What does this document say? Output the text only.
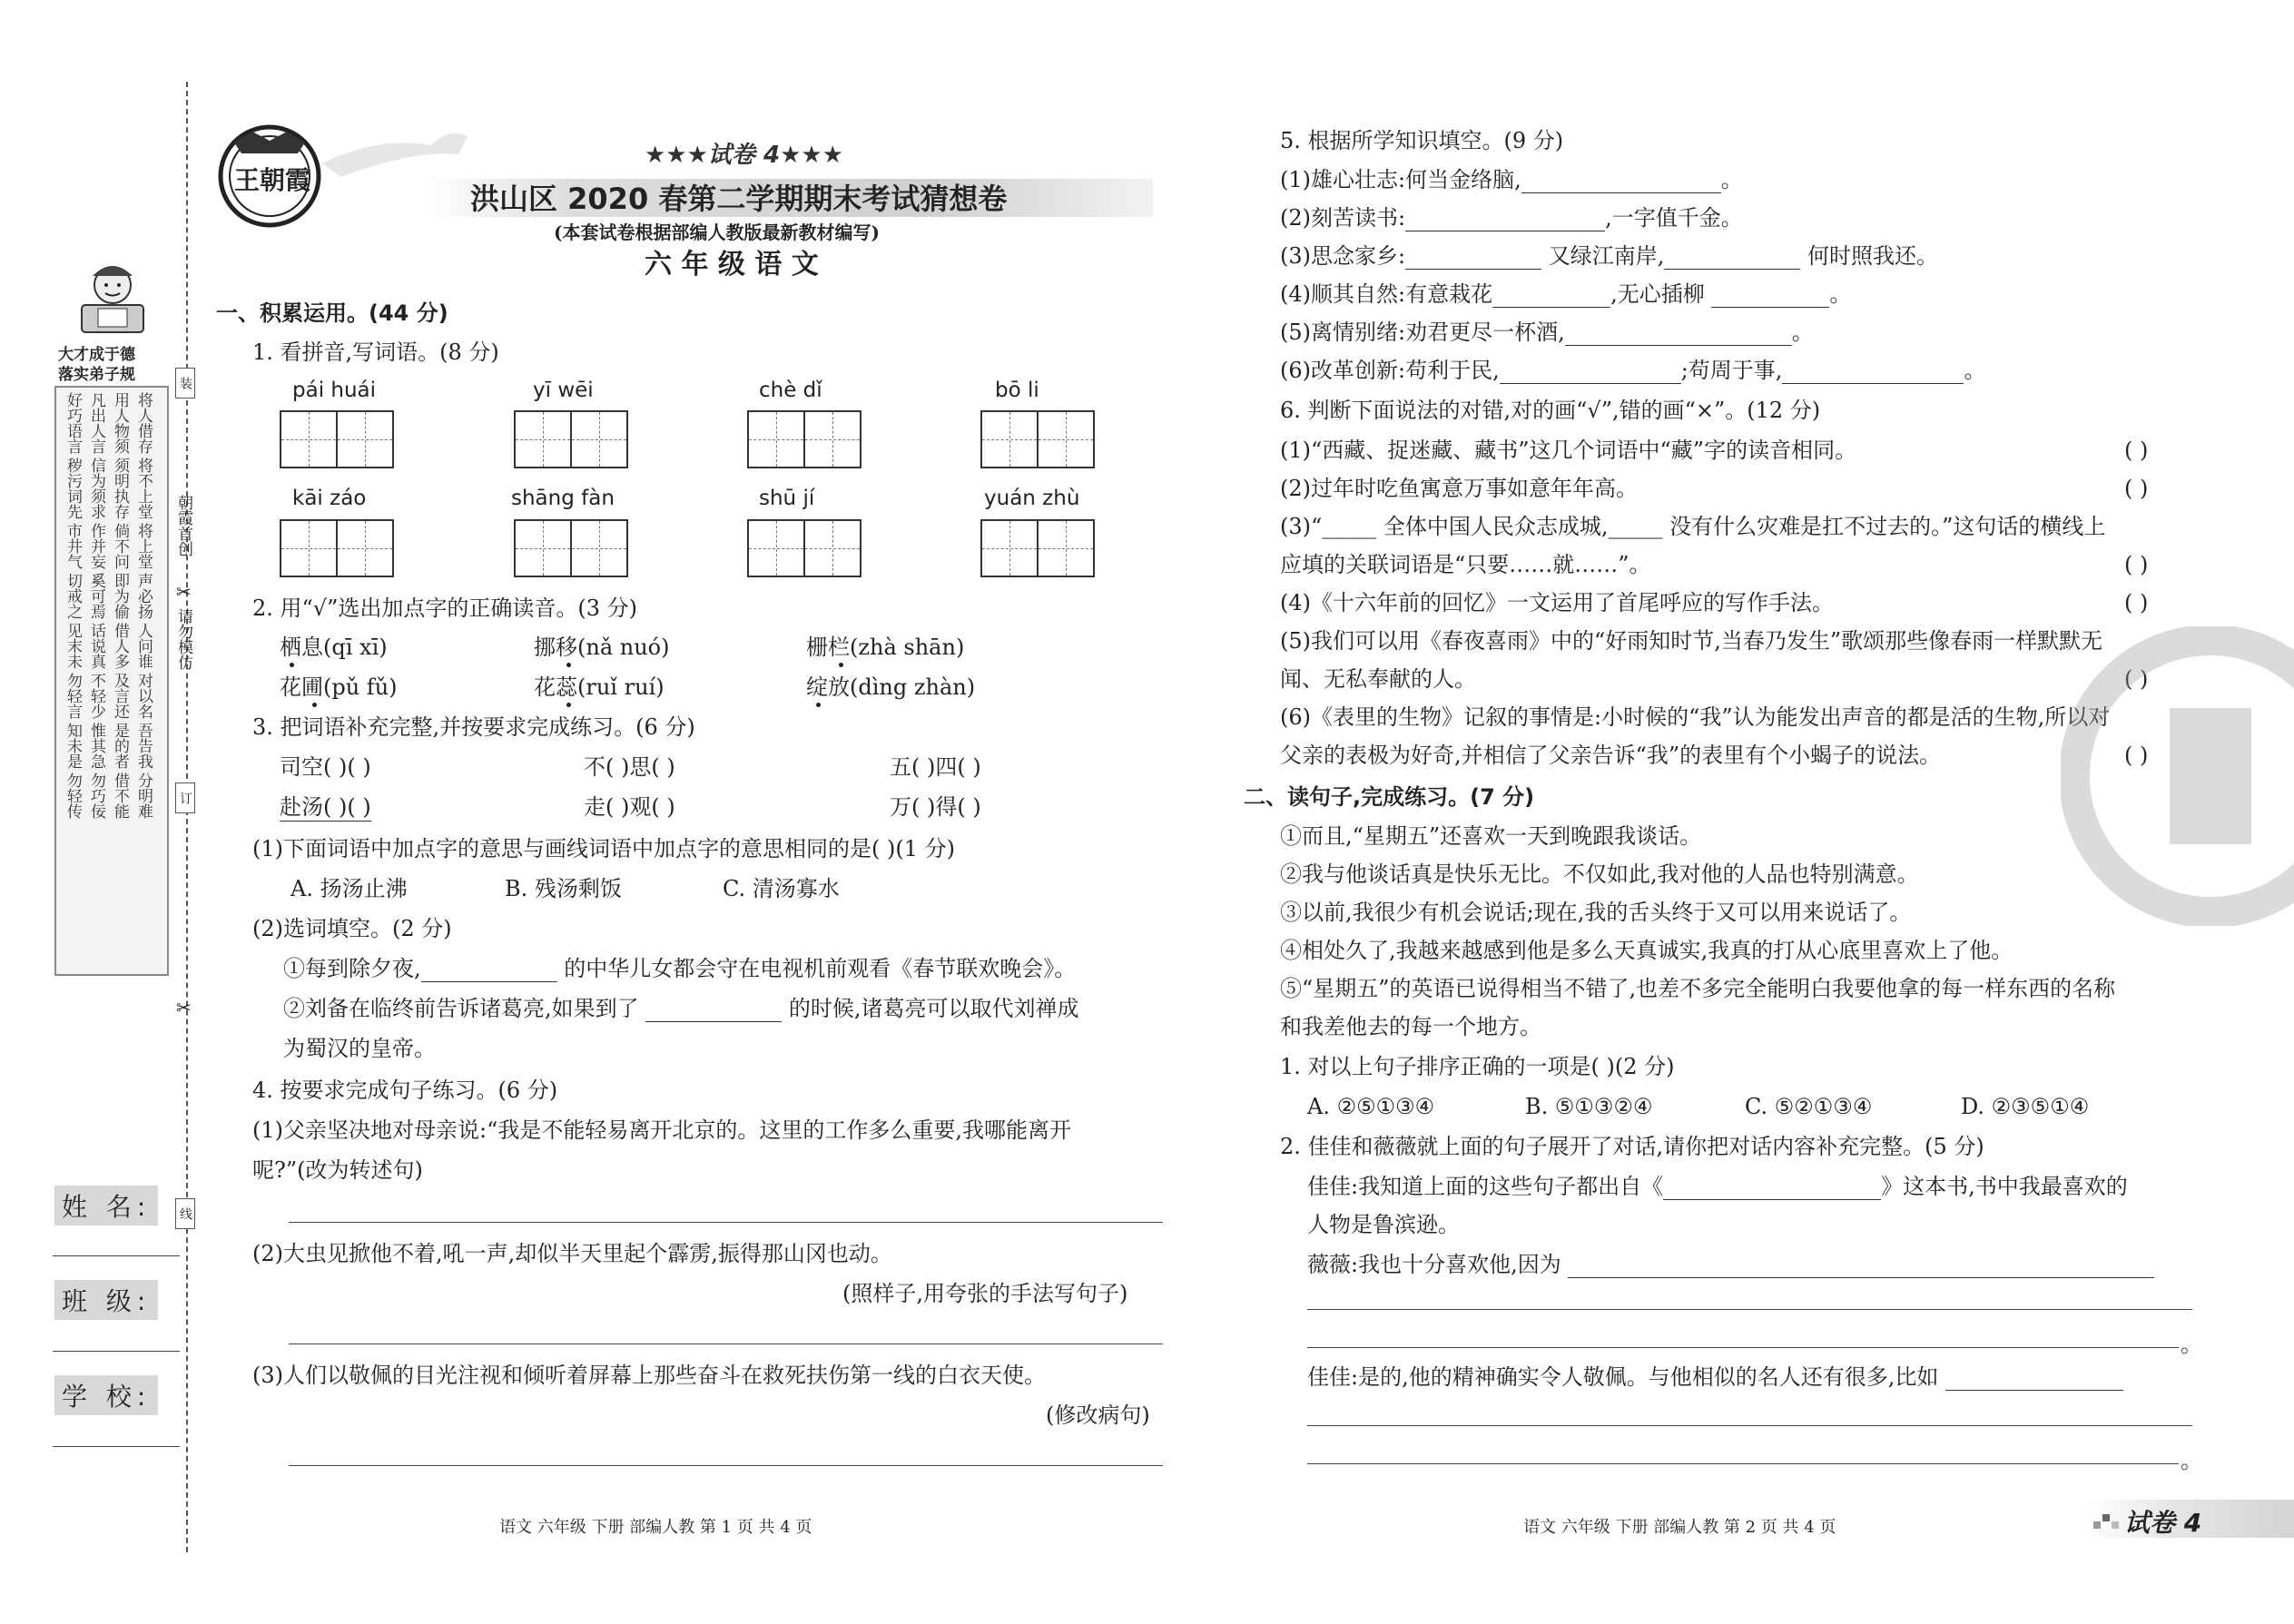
大才成于德
落实弟子规
好巧语言 凡出人言 用人物须 将人借存
秽污词先 信为须求 须明执存 将不上堂
市井气 作并妄 倘不问 将上堂
切戒之 奚可焉 即为偷 声必扬
见末未 话说真 借人多 人问谁
勿轻言 不轻少 及言还 对以名
知未是 惟其急 是的者 吾告我
勿轻传 勿巧佞 借不能 分明难
朝霞首创
请勿模仿
装
订
线
✂
✂
姓 名:
班 级:
学 校:
王朝霞
★★★试卷 4★★★
洪山区 2020 春第二学期期末考试猜想卷
(本套试卷根据部编人教版最新教材编写)
六 年 级 语 文
一、积累运用。(44 分)
1. 看拼音,写词语。(8 分)
pái huái	yī wēi	chè dǐ	bō li
kāi záo	shāng fàn	shū jí	yuán zhù
2. 用“√”选出加点字的正确读音。(3 分)
栖息(qī xī)	挪移(nǎ nuó)	栅栏(zhà shān)
花圃(pǔ fǔ)	花蕊(ruǐ ruí)	绽放(dìng zhàn)
3. 把词语补充完整,并按要求完成练习。(6 分)
司空( )( )	不( )思( )	五( )四( )
赴汤( )( )	走( )观( )	万( )得( )
(1)下面词语中加点字的意思与画线词语中加点字的意思相同的是( )(1 分)
A. 扬汤止沸	B. 残汤剩饭	C. 清汤寡水
(2)选词填空。(2 分)
①每到除夕夜,	的中华儿女都会守在电视机前观看《春节联欢晚会》。
②刘备在临终前告诉诸葛亮,如果到了	的时候,诸葛亮可以取代刘禅成
为蜀汉的皇帝。
4. 按要求完成句子练习。(6 分)
(1)父亲坚决地对母亲说:“我是不能轻易离开北京的。这里的工作多么重要,我哪能离开
呢?”(改为转述句)
(2)大虫见掀他不着,吼一声,却似半天里起个霹雳,振得那山冈也动。
(照样子,用夸张的手法写句子)
(3)人们以敬佩的目光注视和倾听着屏幕上那些奋斗在救死扶伤第一线的白衣天使。
(修改病句)
语文 六年级 下册 部编人教 第 1 页 共 4 页
5. 根据所学知识填空。(9 分)
(1)雄心壮志:何当金络脑,	。
(2)刻苦读书:	,一字值千金。
(3)思念家乡:	又绿江南岸,	何时照我还。
(4)顺其自然:有意栽花	,无心插柳	。
(5)离情别绪:劝君更尽一杯酒,	。
(6)改革创新:苟利于民,	;苟周于事,	。
6. 判断下面说法的对错,对的画“√”,错的画“×”。(12 分)
(1)“西藏、捉迷藏、藏书”这几个词语中“藏”字的读音相同。	( )
(2)过年时吃鱼寓意万事如意年年高。	( )
(3)“_____ 全体中国人民众志成城,_____ 没有什么灾难是扛不过去的。”这句话的横线上
应填的关联词语是“只要……就……”。	( )
(4)《十六年前的回忆》一文运用了首尾呼应的写作手法。	( )
(5)我们可以用《春夜喜雨》中的“好雨知时节,当春乃发生”歌颂那些像春雨一样默默无
闻、无私奉献的人。	( )
(6)《表里的生物》记叙的事情是:小时候的“我”认为能发出声音的都是活的生物,所以对
父亲的表极为好奇,并相信了父亲告诉“我”的表里有个小蝎子的说法。	( )
二、读句子,完成练习。(7 分)
①而且,“星期五”还喜欢一天到晚跟我谈话。
②我与他谈话真是快乐无比。不仅如此,我对他的人品也特别满意。
③以前,我很少有机会说话;现在,我的舌头终于又可以用来说话了。
④相处久了,我越来越感到他是多么天真诚实,我真的打从心底里喜欢上了他。
⑤“星期五”的英语已说得相当不错了,也差不多完全能明白我要他拿的每一样东西的名称
和我差他去的每一个地方。
1. 对以上句子排序正确的一项是( )(2 分)
A. ②⑤①③④	B. ⑤①③②④	C. ⑤②①③④	D. ②③⑤①④
2. 佳佳和薇薇就上面的句子展开了对话,请你把对话内容补充完整。(5 分)
佳佳:我知道上面的这些句子都出自《	》这本书,书中我最喜欢的
人物是鲁滨逊。
薇薇:我也十分喜欢他,因为
。
佳佳:是的,他的精神确实令人敬佩。与他相似的名人还有很多,比如
。
语文 六年级 下册 部编人教 第 2 页 共 4 页	试卷 4
